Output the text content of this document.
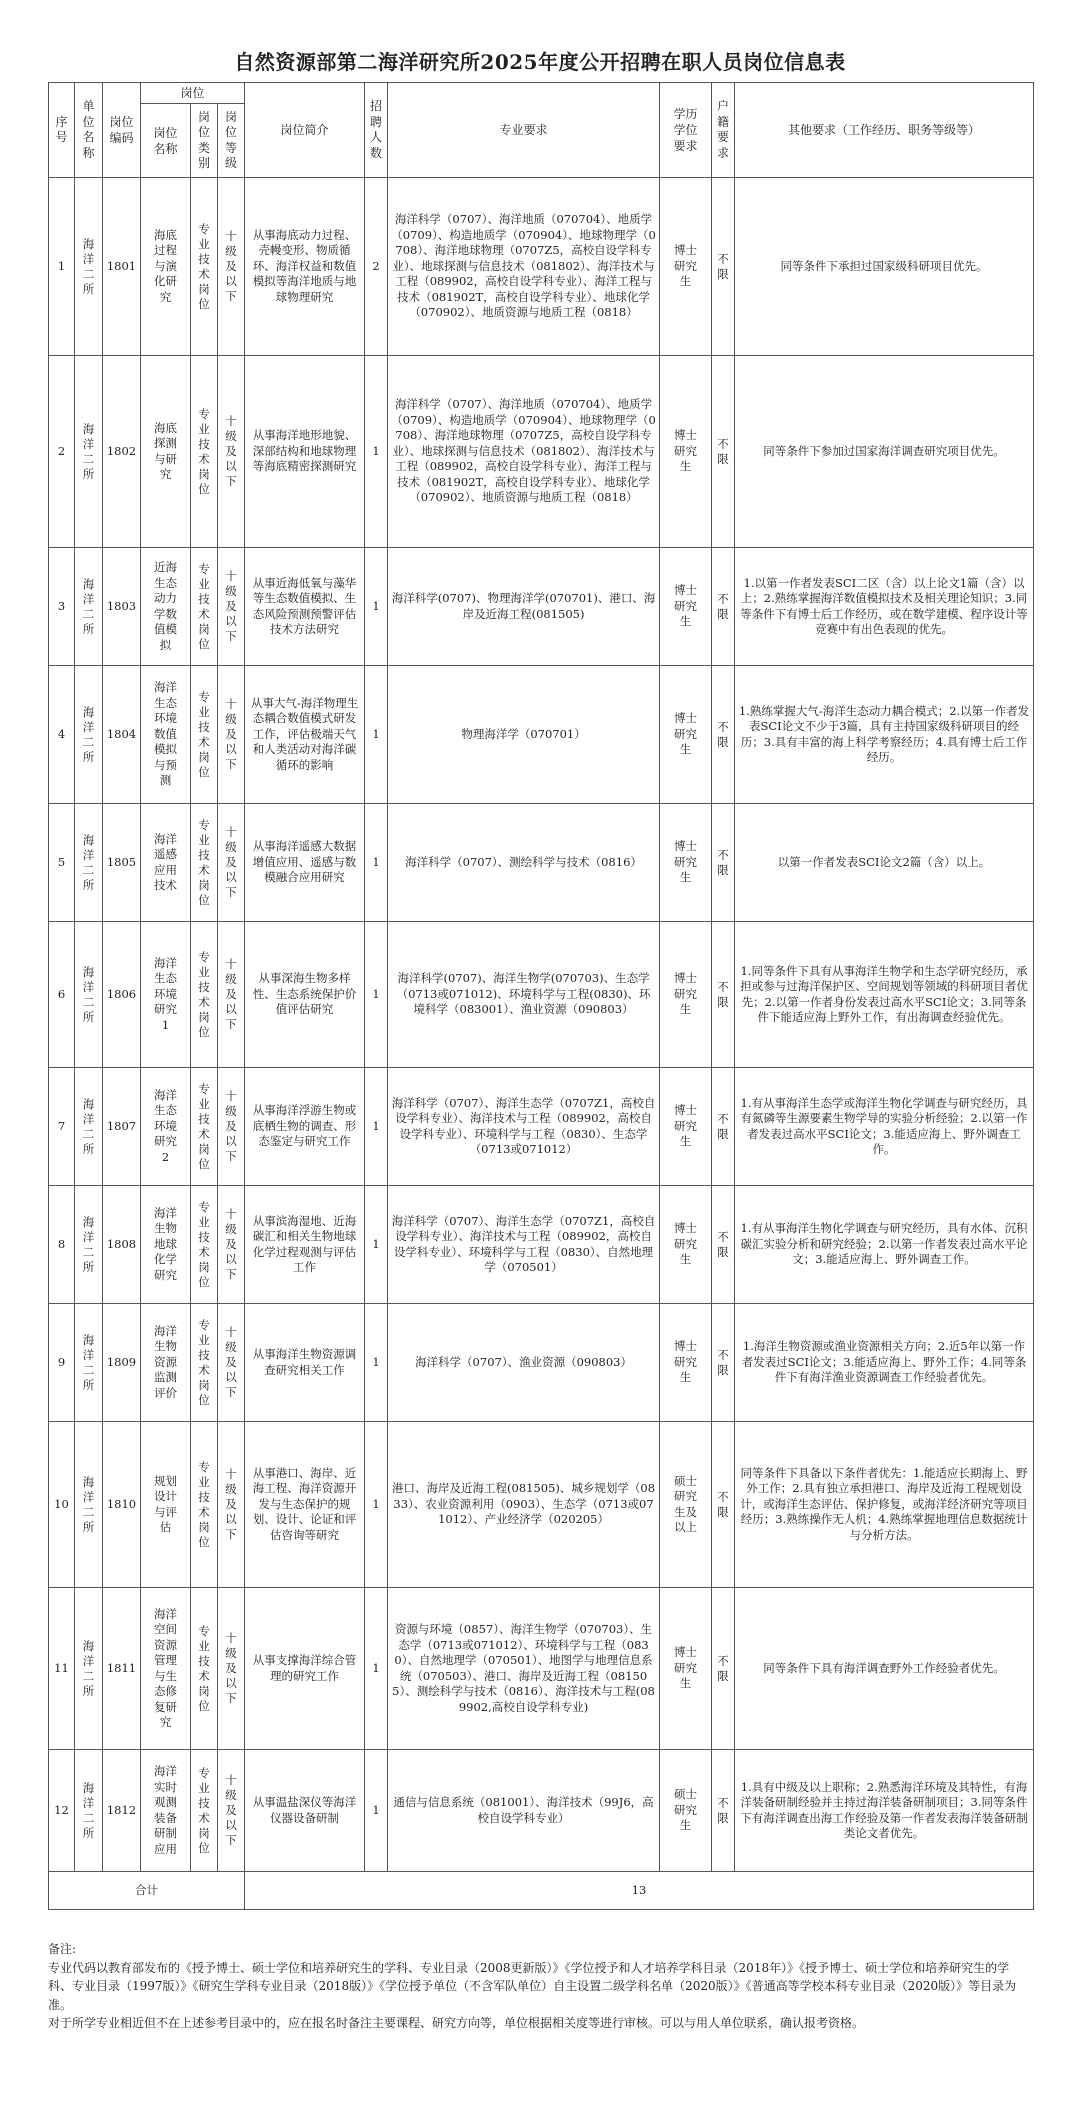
自然资源部第二海洋研究所2025年度公开招聘在职人员岗位信息表
序号	单位名称	岗位编码	岗位			岗位简介	招聘人数	专业要求	学历学位要求	户籍要求	其他要求（工作经历、职务等级等）

			岗位名称	岗位类别	岗位等级						

1	海洋二所	1801	海底过程与演化研究	专业技术岗位	十级及以下	从事海底动力过程、壳幔变形、物质循环、海洋权益和数值模拟等海洋地质与地球物理研究	2	海洋科学（0707）、海洋地质（070704）、地质学（0709）、构造地质学（070904）、地球物理学（0708）、海洋地球物理（0707Z5，高校自设学科专业）、地球探测与信息技术（081802）、海洋技术与工程（089902，高校自设学科专业）、海洋工程与技术（081902T，高校自设学科专业）、地球化学（070902）、地质资源与地质工程（0818）	博士研究生	不限	同等条件下承担过国家级科研项目优先。
2	海洋二所	1802	海底探测与研究	专业技术岗位	十级及以下	从事海洋地形地貌、深部结构和地球物理等海底精密探测研究	1	海洋科学（0707）、海洋地质（070704）、地质学（0709）、构造地质学（070904）、地球物理学（0708）、海洋地球物理（0707Z5，高校自设学科专业）、地球探测与信息技术（081802）、海洋技术与工程（089902，高校自设学科专业）、海洋工程与技术（081902T，高校自设学科专业）、地球化学（070902）、地质资源与地质工程（0818）	博士研究生	不限	同等条件下参加过国家海洋调查研究项目优先。
3	海洋二所	1803	近海生态动力学数值模拟	专业技术岗位	十级及以下	从事近海低氧与藻华等生态数值模拟、生态风险预测预警评估技术方法研究	1	海洋科学(0707)、物理海洋学(070701)、港口、海岸及近海工程(081505)	博士研究生	不限	1.以第一作者发表SCI二区（含）以上论文1篇（含）以上；2.熟练掌握海洋数值模拟技术及相关理论知识；3.同等条件下有博士后工作经历，或在数学建模、程序设计等竞赛中有出色表现的优先。
4	海洋二所	1804	海洋生态环境数值模拟与预测	专业技术岗位	十级及以下	从事大气-海洋物理生态耦合数值模式研发工作，评估极端天气和人类活动对海洋碳循环的影响	1	物理海洋学（070701）	博士研究生	不限	1.熟练掌握大气-海洋生态动力耦合模式；2.以第一作者发表SCI论文不少于3篇，具有主持国家级科研项目的经历；3.具有丰富的海上科学考察经历；4.具有博士后工作经历。
5	海洋二所	1805	海洋遥感应用技术	专业技术岗位	十级及以下	从事海洋遥感大数据增值应用、遥感与数模融合应用研究	1	海洋科学（0707）、测绘科学与技术（0816）	博士研究生	不限	以第一作者发表SCI论文2篇（含）以上。
6	海洋二所	1806	海洋生态环境研究1	专业技术岗位	十级及以下	从事深海生物多样性、生态系统保护价值评估研究	1	海洋科学(0707)、海洋生物学(070703)、生态学（0713或071012)、环境科学与工程(0830)、环境科学（083001）、渔业资源（090803）	博士研究生	不限	1.同等条件下具有从事海洋生物学和生态学研究经历，承担或参与过海洋保护区、空间规划等领域的科研项目者优先；2.以第一作者身份发表过高水平SCI论文；3.同等条件下能适应海上野外工作，有出海调查经验优先。
7	海洋二所	1807	海洋生态环境研究2	专业技术岗位	十级及以下	从事海洋浮游生物或底栖生物的调查、形态鉴定与研究工作	1	海洋科学（0707）、海洋生态学（0707Z1，高校自设学科专业）、海洋技术与工程（089902，高校自设学科专业）、环境科学与工程（0830）、生态学（0713或071012）	博士研究生	不限	1.有从事海洋生态学或海洋生物化学调查与研究经历，具有氮磷等生源要素生物学导的实验分析经验；2.以第一作者发表过高水平SCI论文；3.能适应海上、野外调查工作。
8	海洋二所	1808	海洋生物地球化学研究	专业技术岗位	十级及以下	从事滨海湿地、近海碳汇和相关生物地球化学过程观测与评估工作	1	海洋科学（0707）、海洋生态学（0707Z1，高校自设学科专业）、海洋技术与工程（089902，高校自设学科专业）、环境科学与工程（0830）、自然地理学（070501）	博士研究生	不限	1.有从事海洋生物化学调查与研究经历，具有水体、沉积碳汇实验分析和研究经验；2.以第一作者发表过高水平论文；3.能适应海上、野外调查工作。
9	海洋二所	1809	海洋生物资源监测评价	专业技术岗位	十级及以下	从事海洋生物资源调查研究相关工作	1	海洋科学（0707）、渔业资源（090803）	博士研究生	不限	1.海洋生物资源或渔业资源相关方向；2.近5年以第一作者发表过SCI论文；3.能适应海上、野外工作；4.同等条件下有海洋渔业资源调查工作经验者优先。
10	海洋二所	1810	规划设计与评估	专业技术岗位	十级及以下	从事港口、海岸、近海工程、海洋资源开发与生态保护的规划、设计、论证和评估咨询等研究	1	港口、海岸及近海工程(081505)、城乡规划学（0833）、农业资源利用（0903）、生态学（0713或071012）、产业经济学（020205）	硕士研究生及以上	不限	同等条件下具备以下条件者优先：1.能适应长期海上、野外工作；2.具有独立承担港口、海岸及近海工程规划设计，或海洋生态评估、保护修复，或海洋经济研究等项目经历；3.熟练操作无人机；4.熟练掌握地理信息数据统计与分析方法。
11	海洋二所	1811	海洋空间资源管理与生态修复研究	专业技术岗位	十级及以下	从事支撑海洋综合管理的研究工作	1	资源与环境（0857）、海洋生物学（070703）、生态学（0713或071012）、环境科学与工程（0830）、自然地理学（070501）、地图学与地理信息系统（070503）、港口、海岸及近海工程（081505）、测绘科学与技术（0816）、海洋技术与工程(089902,高校自设学科专业)	博士研究生	不限	同等条件下具有海洋调查野外工作经验者优先。
12	海洋二所	1812	海洋实时观测装备研制应用	专业技术岗位	十级及以下	从事温盐深仪等海洋仪器设备研制	1	通信与信息系统（081001）、海洋技术（99J6，高校自设学科专业）	硕士研究生	不限	1.具有中级及以上职称；2.熟悉海洋环境及其特性，有海洋装备研制经验并主持过海洋装备研制项目；3.同等条件下有海洋调查出海工作经验及第一作者发表海洋装备研制类论文者优先。
合计						13					
备注:
专业代码以教育部发布的《授予博士、硕士学位和培养研究生的学科、专业目录（2008更新版）》《学位授予和人才培养学科目录（2018年）》《授予博士、硕士学位和培养研究生的学科、专业目录（1997版）》《研究生学科专业目录（2018版）》《学位授予单位（不含军队单位）自主设置二级学科名单（2020版）》《普通高等学校本科专业目录（2020版）》等目录为准。
对于所学专业相近但不在上述参考目录中的，应在报名时备注主要课程、研究方向等，单位根据相关度等进行审核。可以与用人单位联系，确认报考资格。
